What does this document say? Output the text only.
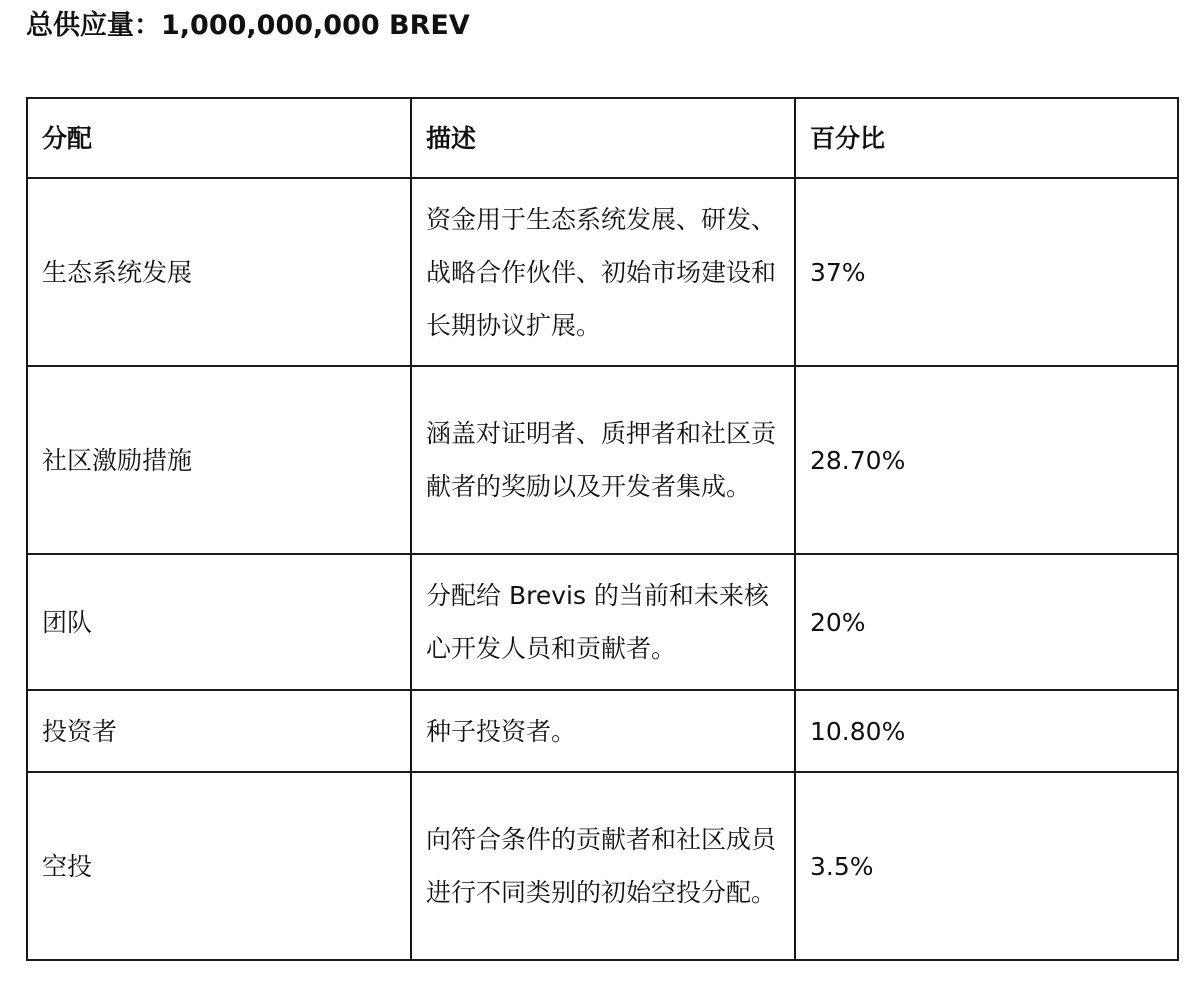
总供应量：1,000,000,000 BREV
分配	描述	百分比
生态系统发展	资金用于生态系统发展、研发、战略合作伙伴、初始市场建设和长期协议扩展。	37%
社区激励措施	涵盖对证明者、质押者和社区贡献者的奖励以及开发者集成。	28.70%
团队	分配给 Brevis 的当前和未来核心开发人员和贡献者。	20%
投资者	种子投资者。	10.80%
空投	向符合条件的贡献者和社区成员进行不同类别的初始空投分配。	3.5%
